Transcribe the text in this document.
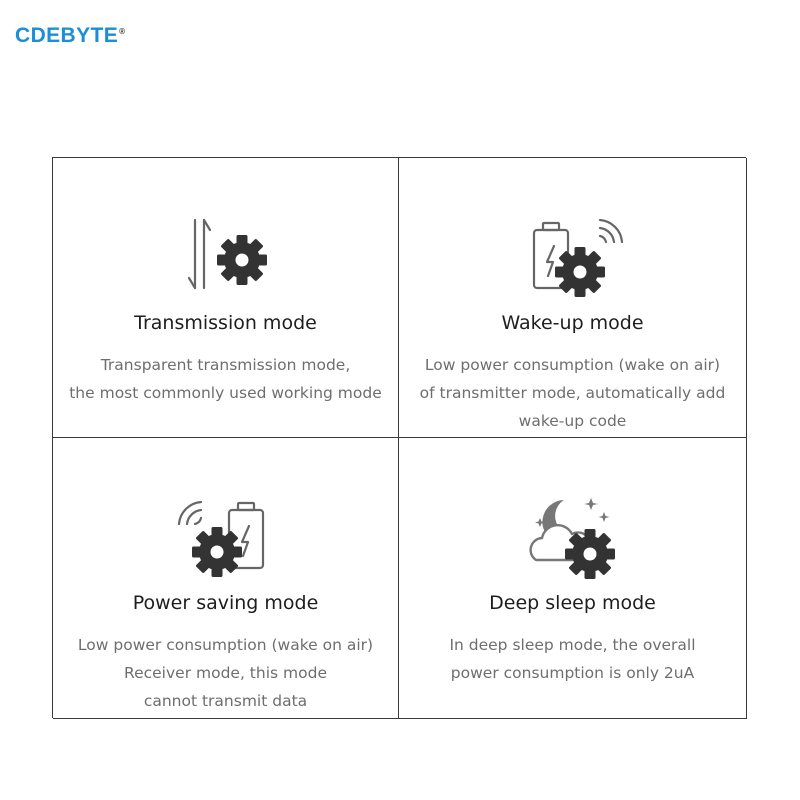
CDEBYTE®
Transmission mode
Transparent transmission mode,
the most commonly used working mode
Wake-up mode
Low power consumption (wake on air)
of transmitter mode, automatically add
wake-up code
Power saving mode
Low power consumption (wake on air)
Receiver mode, this mode
cannot transmit data
Deep sleep mode
In deep sleep mode, the overall
power consumption is only 2uA
